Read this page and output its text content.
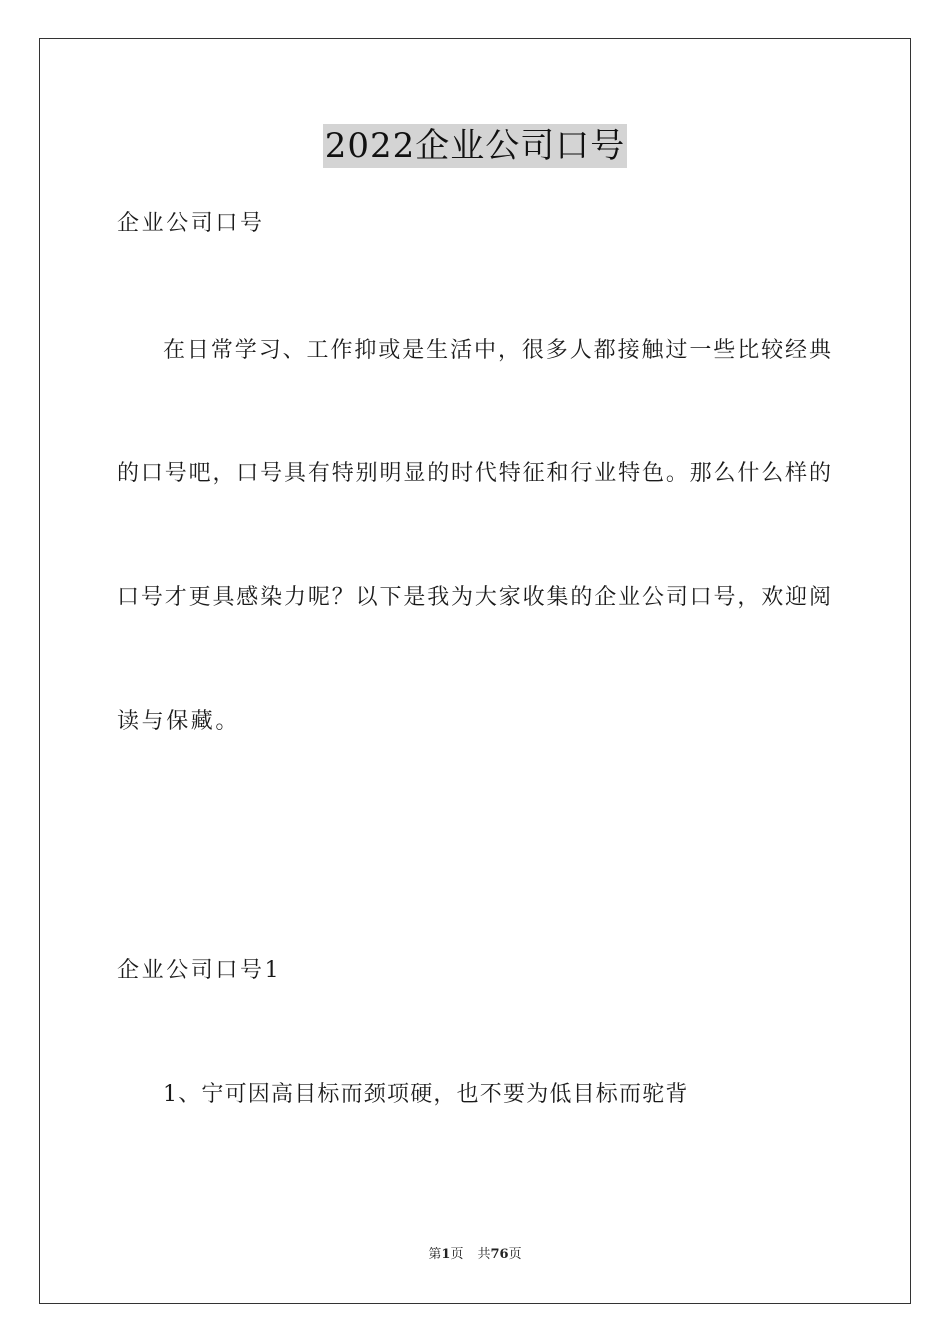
2022企业公司口号
企业公司口号
在日常学习、工作抑或是生活中，很多人都接触过一些比较经典
的口号吧，口号具有特别明显的时代特征和行业特色。那么什么样的
口号才更具感染力呢？以下是我为大家收集的企业公司口号，欢迎阅
读与保藏。
企业公司口号1
1、宁可因高目标而颈项硬，也不要为低目标而驼背
第1页 共76页
